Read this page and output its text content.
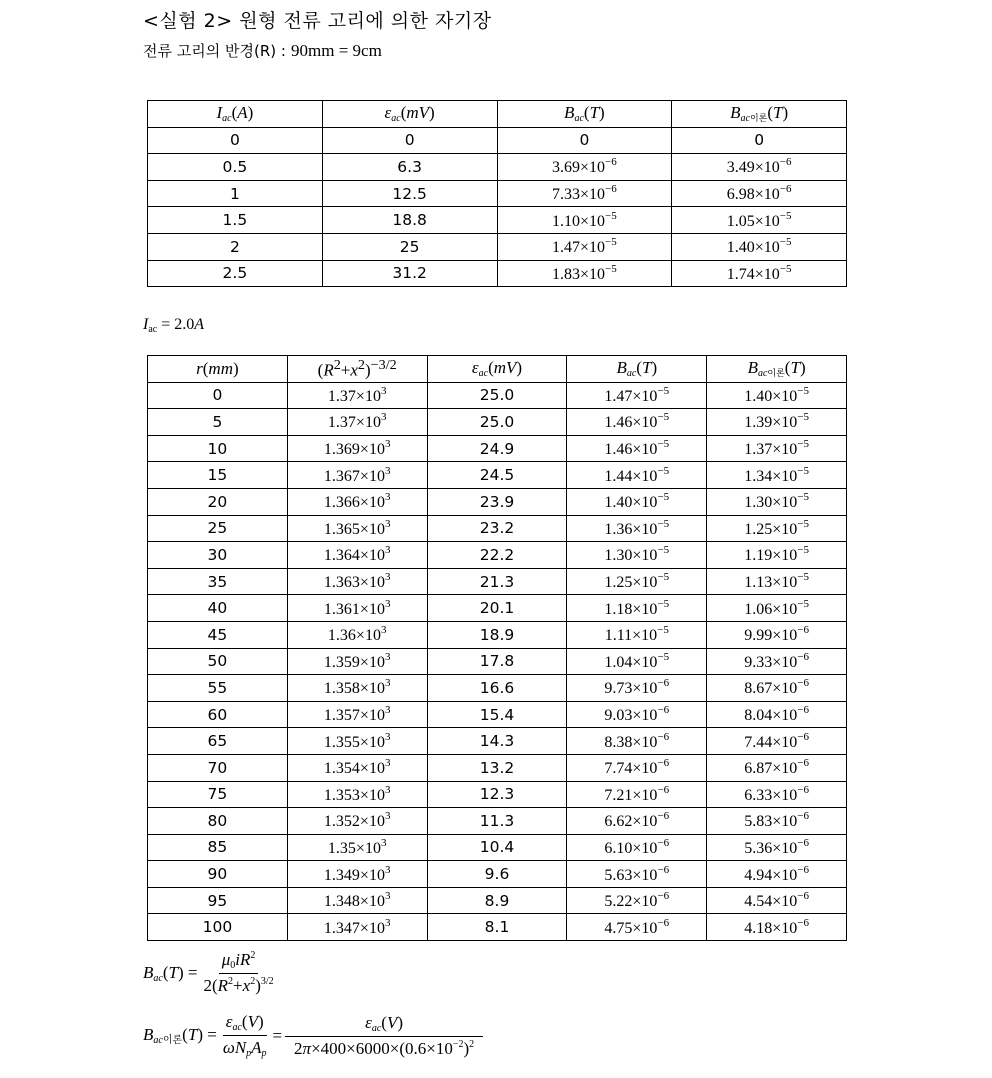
<실험 2> 원형 전류 고리에 의한 자기장
전류 고리의 반경(R) : 90mm = 9cm
$I_{ac}(A)$	$\varepsilon_{ac}(mV)$	$B_{ac}(T)$	$B_{ac이론}(T)$
0	0	0	0
0.5	6.3	$3.69\times 10^{-6}$	$3.49\times 10^{-6}$
1	12.5	$7.33\times 10^{-6}$	$6.98\times 10^{-6}$
1.5	18.8	$1.10\times 10^{-5}$	$1.05\times 10^{-5}$
2	25	$1.47\times 10^{-5}$	$1.40\times 10^{-5}$
2.5	31.2	$1.83\times 10^{-5}$	$1.74\times 10^{-5}$
$I_{ac} = 2.0A$
r(mm)	$(R^2+x^2)^{-3/2}$	$\varepsilon_{ac}(mV)$	$B_{ac}(T)$	$B_{ac이론}(T)$
0	$1.37\times 10^3$	25.0	$1.47\times 10^{-5}$	$1.40\times 10^{-5}$
5	$1.37\times 10^3$	25.0	$1.46\times 10^{-5}$	$1.39\times 10^{-5}$
10	$1.369\times 10^3$	24.9	$1.46\times 10^{-5}$	$1.37\times 10^{-5}$
15	$1.367\times 10^3$	24.5	$1.44\times 10^{-5}$	$1.34\times 10^{-5}$
20	$1.366\times 10^3$	23.9	$1.40\times 10^{-5}$	$1.30\times 10^{-5}$
25	$1.365\times 10^3$	23.2	$1.36\times 10^{-5}$	$1.25\times 10^{-5}$
30	$1.364\times 10^3$	22.2	$1.30\times 10^{-5}$	$1.19\times 10^{-5}$
35	$1.363\times 10^3$	21.3	$1.25\times 10^{-5}$	$1.13\times 10^{-5}$
40	$1.361\times 10^3$	20.1	$1.18\times 10^{-5}$	$1.06\times 10^{-5}$
45	$1.36\times 10^3$	18.9	$1.11\times 10^{-5}$	$9.99\times 10^{-6}$
50	$1.359\times 10^3$	17.8	$1.04\times 10^{-5}$	$9.33\times 10^{-6}$
55	$1.358\times 10^3$	16.6	$9.73\times 10^{-6}$	$8.67\times 10^{-6}$
60	$1.357\times 10^3$	15.4	$9.03\times 10^{-6}$	$8.04\times 10^{-6}$
65	$1.355\times 10^3$	14.3	$8.38\times 10^{-6}$	$7.44\times 10^{-6}$
70	$1.354\times 10^3$	13.2	$7.74\times 10^{-6}$	$6.87\times 10^{-6}$
75	$1.353\times 10^3$	12.3	$7.21\times 10^{-6}$	$6.33\times 10^{-6}$
80	$1.352\times 10^3$	11.3	$6.62\times 10^{-6}$	$5.83\times 10^{-6}$
85	$1.35\times 10^3$	10.4	$6.10\times 10^{-6}$	$5.36\times 10^{-6}$
90	$1.349\times 10^3$	9.6	$5.63\times 10^{-6}$	$4.94\times 10^{-6}$
95	$1.348\times 10^3$	8.9	$5.22\times 10^{-6}$	$4.54\times 10^{-6}$
100	$1.347\times 10^3$	8.1	$4.75\times 10^{-6}$	$4.18\times 10^{-6}$
$B_{ac}(T) = \frac{\mu_0iR^2}{2(R^2+x^2)^{3/2}}$
$B_{ac이론}(T) = \frac{\varepsilon_{ac}(V)}{\omega N_pA_p} = \frac{\varepsilon_{ac}(V)}{2\pi\times 400\times 6000\times(0.6\times 10^{-2})^2}$
